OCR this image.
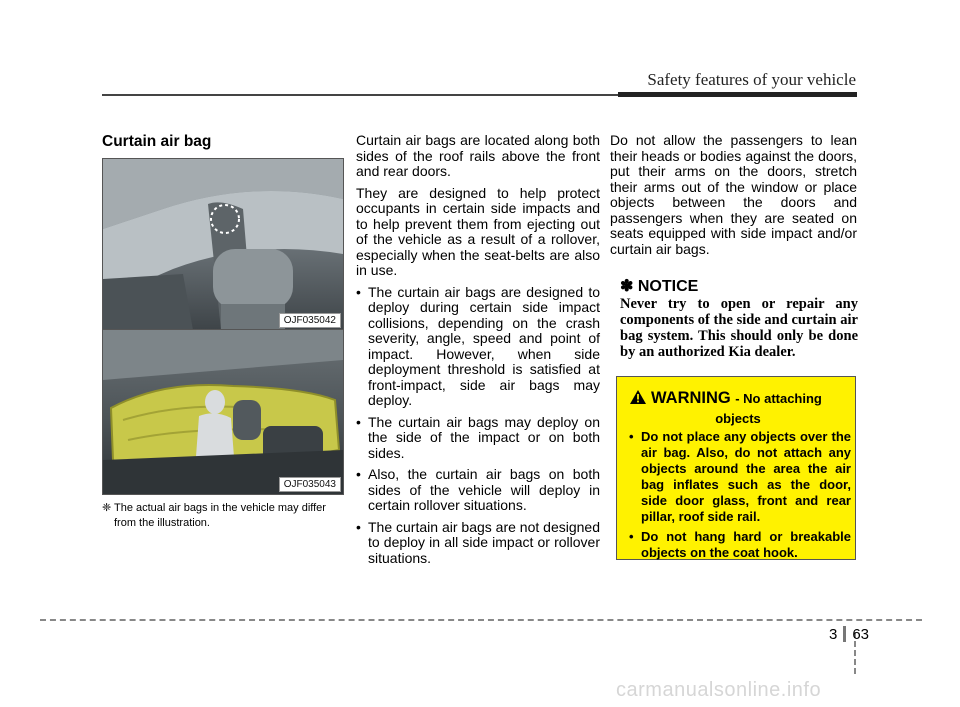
Safety features of your vehicle
Curtain air bag
OJF035042
OJF035043
❈ The actual air bags in the vehicle may differ
from the illustration.

Curtain air bags are located along both sides of the roof rails above the front and rear doors.

They are designed to help protect occupants in certain side impacts and to help prevent them from ejecting out of the vehicle as a result of a rollover, especially when the seat-belts are also in use.

• The curtain air bags are designed to deploy during certain side impact collisions, depending on the crash severity, angle, speed and point of impact. However, when side deployment threshold is satisfied at front-impact, side air bags may deploy.
• The curtain air bags may deploy on the side of the impact or on both sides.
• Also, the curtain air bags on both sides of the vehicle will deploy in certain rollover situations.
• The curtain air bags are not designed to deploy in all side impact or rollover situations.

Do not allow the passengers to lean their heads or bodies against the doors, put their arms on the doors, stretch their arms out of the window or place objects between the doors and passengers when they are seated on seats equipped with side impact and/or curtain air bags.

✽ NOTICE
Never try to open or repair any components of the side and curtain air bag system. This should only be done by an authorized Kia dealer.
WARNING - No attaching
objects
• Do not place any objects over the air bag. Also, do not attach any objects around the area the air bag inflates such as the door, side door glass, front and rear pillar, roof side rail.
• Do not hang hard or breakable objects on the coat hook.
3 63
carmanualsonline.info
